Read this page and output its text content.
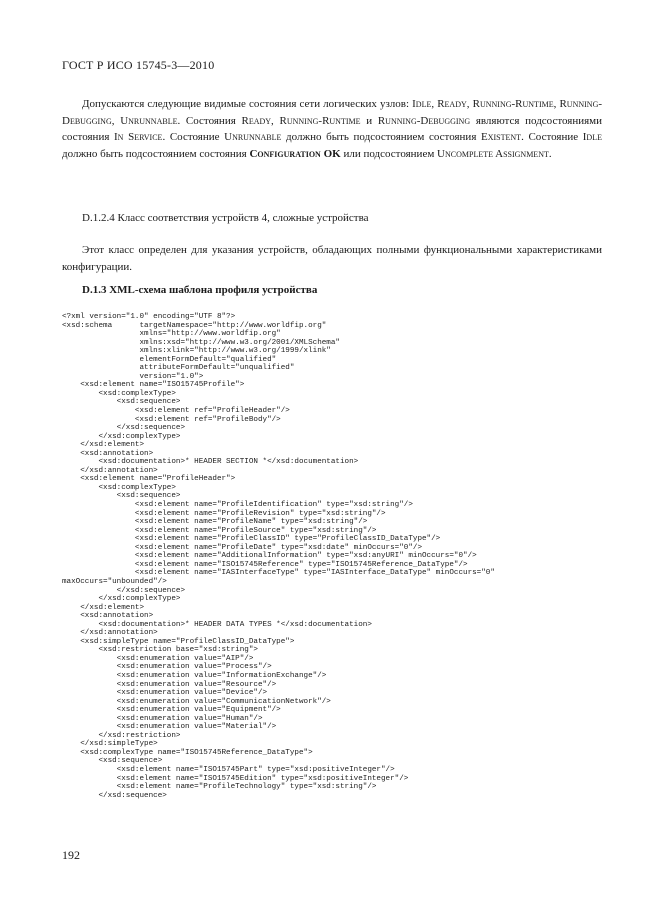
ГОСТ Р ИСО 15745-3—2010
Допускаются следующие видимые состояния сети логических узлов: Idle, Ready, Running-Runtime, Running-Debugging, Unrunnable. Состояния Ready, Running-Runtime и Running-Debugging являются подсостояниями состояния In Service. Состояние Unrunnable должно быть подсостоянием состояния Existent. Состояние Idle должно быть подсостоянием состояния Configuration OK или подсостоянием Uncomplete Assignment.
D.1.2.4 Класс соответствия устройств 4, сложные устройства
Этот класс определен для указания устройств, обладающих полными функциональными характеристиками конфигурации.
D.1.3 XML-схема шаблона профиля устройства
<?xml version="1.0" encoding="UTF 8"?>
<xsd:schema      targetNamespace="http://www.worldfip.org"
xmlns="http://www.worldfip.org"
xmlns:xsd="http://www.w3.org/2001/XMLSchema"
xmlns:xlink="http://www.w3.org/1999/xlink"
elementFormDefault="qualified"
attributeFormDefault="unqualified"
version="1.0">
<xsd:element name="ISO15745Profile">
<xsd:complexType>
<xsd:sequence>
<xsd:element ref="ProfileHeader"/>
<xsd:element ref="ProfileBody"/>
</xsd:sequence>
</xsd:complexType>
</xsd:element>
<xsd:annotation>
<xsd:documentation>* HEADER SECTION *</xsd:documentation>
</xsd:annotation>
<xsd:element name="ProfileHeader">
<xsd:complexType>
<xsd:sequence>
<xsd:element name="ProfileIdentification" type="xsd:string"/>
<xsd:element name="ProfileRevision" type="xsd:string"/>
<xsd:element name="ProfileName" type="xsd:string"/>
<xsd:element name="ProfileSource" type="xsd:string"/>
<xsd:element name="ProfileClassID" type="ProfileClassID_DataType"/>
<xsd:element name="ProfileDate" type="xsd:date" minOccurs="0"/>
<xsd:element name="AdditionalInformation" type="xsd:anyURI" minOccurs="0"/>
<xsd:element name="ISO15745Reference" type="ISO15745Reference_DataType"/>
<xsd:element name="IASInterfaceType" type="IASInterface_DataType" minOccurs="0"
maxOccurs="unbounded"/>
</xsd:sequence>
</xsd:complexType>
</xsd:element>
<xsd:annotation>
<xsd:documentation>* HEADER DATA TYPES *</xsd:documentation>
</xsd:annotation>
<xsd:simpleType name="ProfileClassID_DataType">
<xsd:restriction base="xsd:string">
<xsd:enumeration value="AIP"/>
<xsd:enumeration value="Process"/>
<xsd:enumeration value="InformationExchange"/>
<xsd:enumeration value="Resource"/>
<xsd:enumeration value="Device"/>
<xsd:enumeration value="CommunicationNetwork"/>
<xsd:enumeration value="Equipment"/>
<xsd:enumeration value="Human"/>
<xsd:enumeration value="Material"/>
</xsd:restriction>
</xsd:simpleType>
<xsd:complexType name="ISO15745Reference_DataType">
<xsd:sequence>
<xsd:element name="ISO15745Part" type="xsd:positiveInteger"/>
<xsd:element name="ISO15745Edition" type="xsd:positiveInteger"/>
<xsd:element name="ProfileTechnology" type="xsd:string"/>
</xsd:sequence>
192
